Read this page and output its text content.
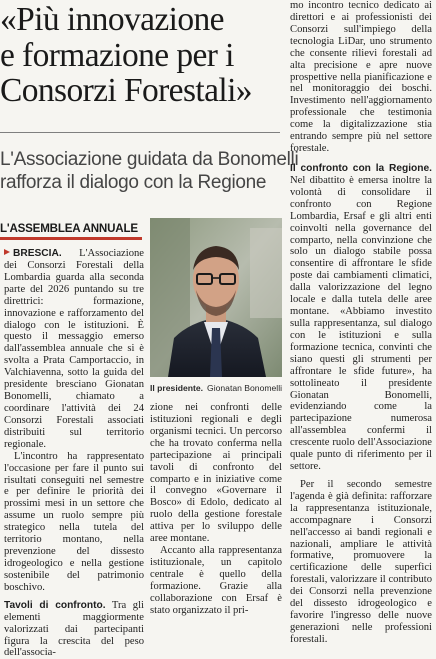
«Più innovazione
e formazione per i
Consorzi Forestali»
L'Associazione guidata da Bonomelli
rafforza il dialogo con la Regione
L'ASSEMBLEA ANNUALE

BRESCIA. L'Associazione dei Consorzi Forestali della Lombardia guarda alla seconda parte del 2026 puntando su tre direttrici: formazione, innovazione e rafforzamento del dialogo con le istituzioni. È questo il messaggio emerso dall'assemblea annuale che si è svolta a Prata Camportaccio, in Valchiavenna, sotto la guida del presidente bresciano Gionatan Bonomelli, chiamato a coordinare l'attività dei 24 Consorzi Forestali associati distribuiti sul territorio regionale.

L'incontro ha rappresentato l'occasione per fare il punto sui risultati conseguiti nel semestre e per definire le priorità dei prossimi mesi in un settore che assume un ruolo sempre più strategico nella tutela del territorio montano, nella prevenzione del dissesto idrogeologico e nella gestione sostenibile del patrimonio boschivo.

Tavoli di confronto. Tra gli elementi maggiormente valorizzati dai partecipanti figura la crescita del peso dell'associa-

Il presidente. Gionatan Bonomelli

zione nei confronti delle istituzioni regionali e degli organismi tecnici. Un percorso che ha trovato conferma nella partecipazione ai principali tavoli di confronto del comparto e in iniziative come il convegno «Governare il Bosco» di Edolo, dedicato al ruolo della gestione forestale attiva per lo sviluppo delle aree montane.

Accanto alla rappresentanza istituzionale, un capitolo centrale è quello della formazione. Grazie alla collaborazione con Ersaf è stato organizzato il pri-

mo incontro tecnico dedicato ai direttori e ai professionisti dei Consorzi sull'impiego della tecnologia LiDar, uno strumento che consente rilievi forestali ad alta precisione e apre nuove prospettive nella pianificazione e nel monitoraggio dei boschi. Investimento nell'aggiornamento professionale che testimonia come la digitalizzazione stia entrando sempre più nel settore forestale.

Il confronto con la Regione. Nel dibattito è emersa inoltre la volontà di consolidare il confronto con Regione Lombardia, Ersaf e gli altri enti coinvolti nella governance del comparto, nella convinzione che solo un dialogo stabile possa consentire di affrontare le sfide poste dai cambiamenti climatici, dalla valorizzazione del legno locale e dalla tutela delle aree montane. «Abbiamo investito sulla rappresentanza, sul dialogo con le istituzioni e sulla formazione tecnica, convinti che siano questi gli strumenti per affrontare le sfide future», ha sottolineato il presidente Gionatan Bonomelli, evidenziando come la partecipazione numerosa all'assemblea confermi il crescente ruolo dell'Associazione quale punto di riferimento per il settore.

Per il secondo semestre l'agenda è già definita: rafforzare la rappresentanza istituzionale, accompagnare i Consorzi nell'accesso ai bandi regionali e nazionali, ampliare le attività formative, promuovere la certificazione delle superfici forestali, valorizzare il contributo dei Consorzi nella prevenzione del dissesto idrogeologico e favorire l'ingresso delle nuove generazioni nelle professioni forestali.
